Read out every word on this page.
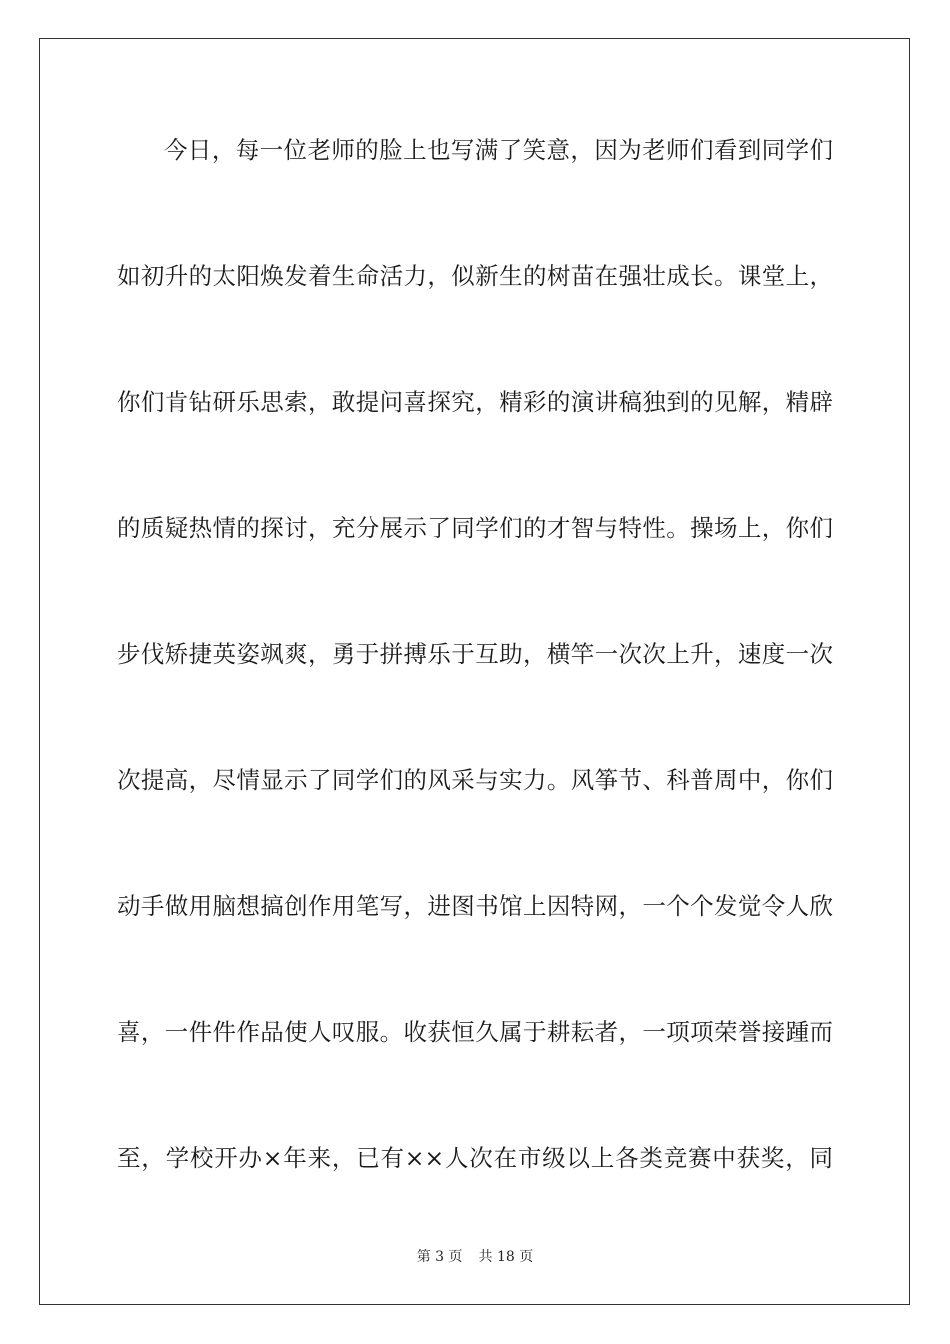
今日，每一位老师的脸上也写满了笑意，因为老师们看到同学们
如初升的太阳焕发着生命活力，似新生的树苗在强壮成长。课堂上，
你们肯钻研乐思索，敢提问喜探究，精彩的演讲稿独到的见解，精辟
的质疑热情的探讨，充分展示了同学们的才智与特性。操场上，你们
步伐矫捷英姿飒爽，勇于拼搏乐于互助，横竿一次次上升，速度一次
次提高，尽情显示了同学们的风采与实力。风筝节、科普周中，你们
动手做用脑想搞创作用笔写，进图书馆上因特网，一个个发觉令人欣
喜，一件件作品使人叹服。收获恒久属于耕耘者，一项项荣誉接踵而
至，学校开办×年来，已有××人次在市级以上各类竞赛中获奖，同
第 3 页 共 18 页
